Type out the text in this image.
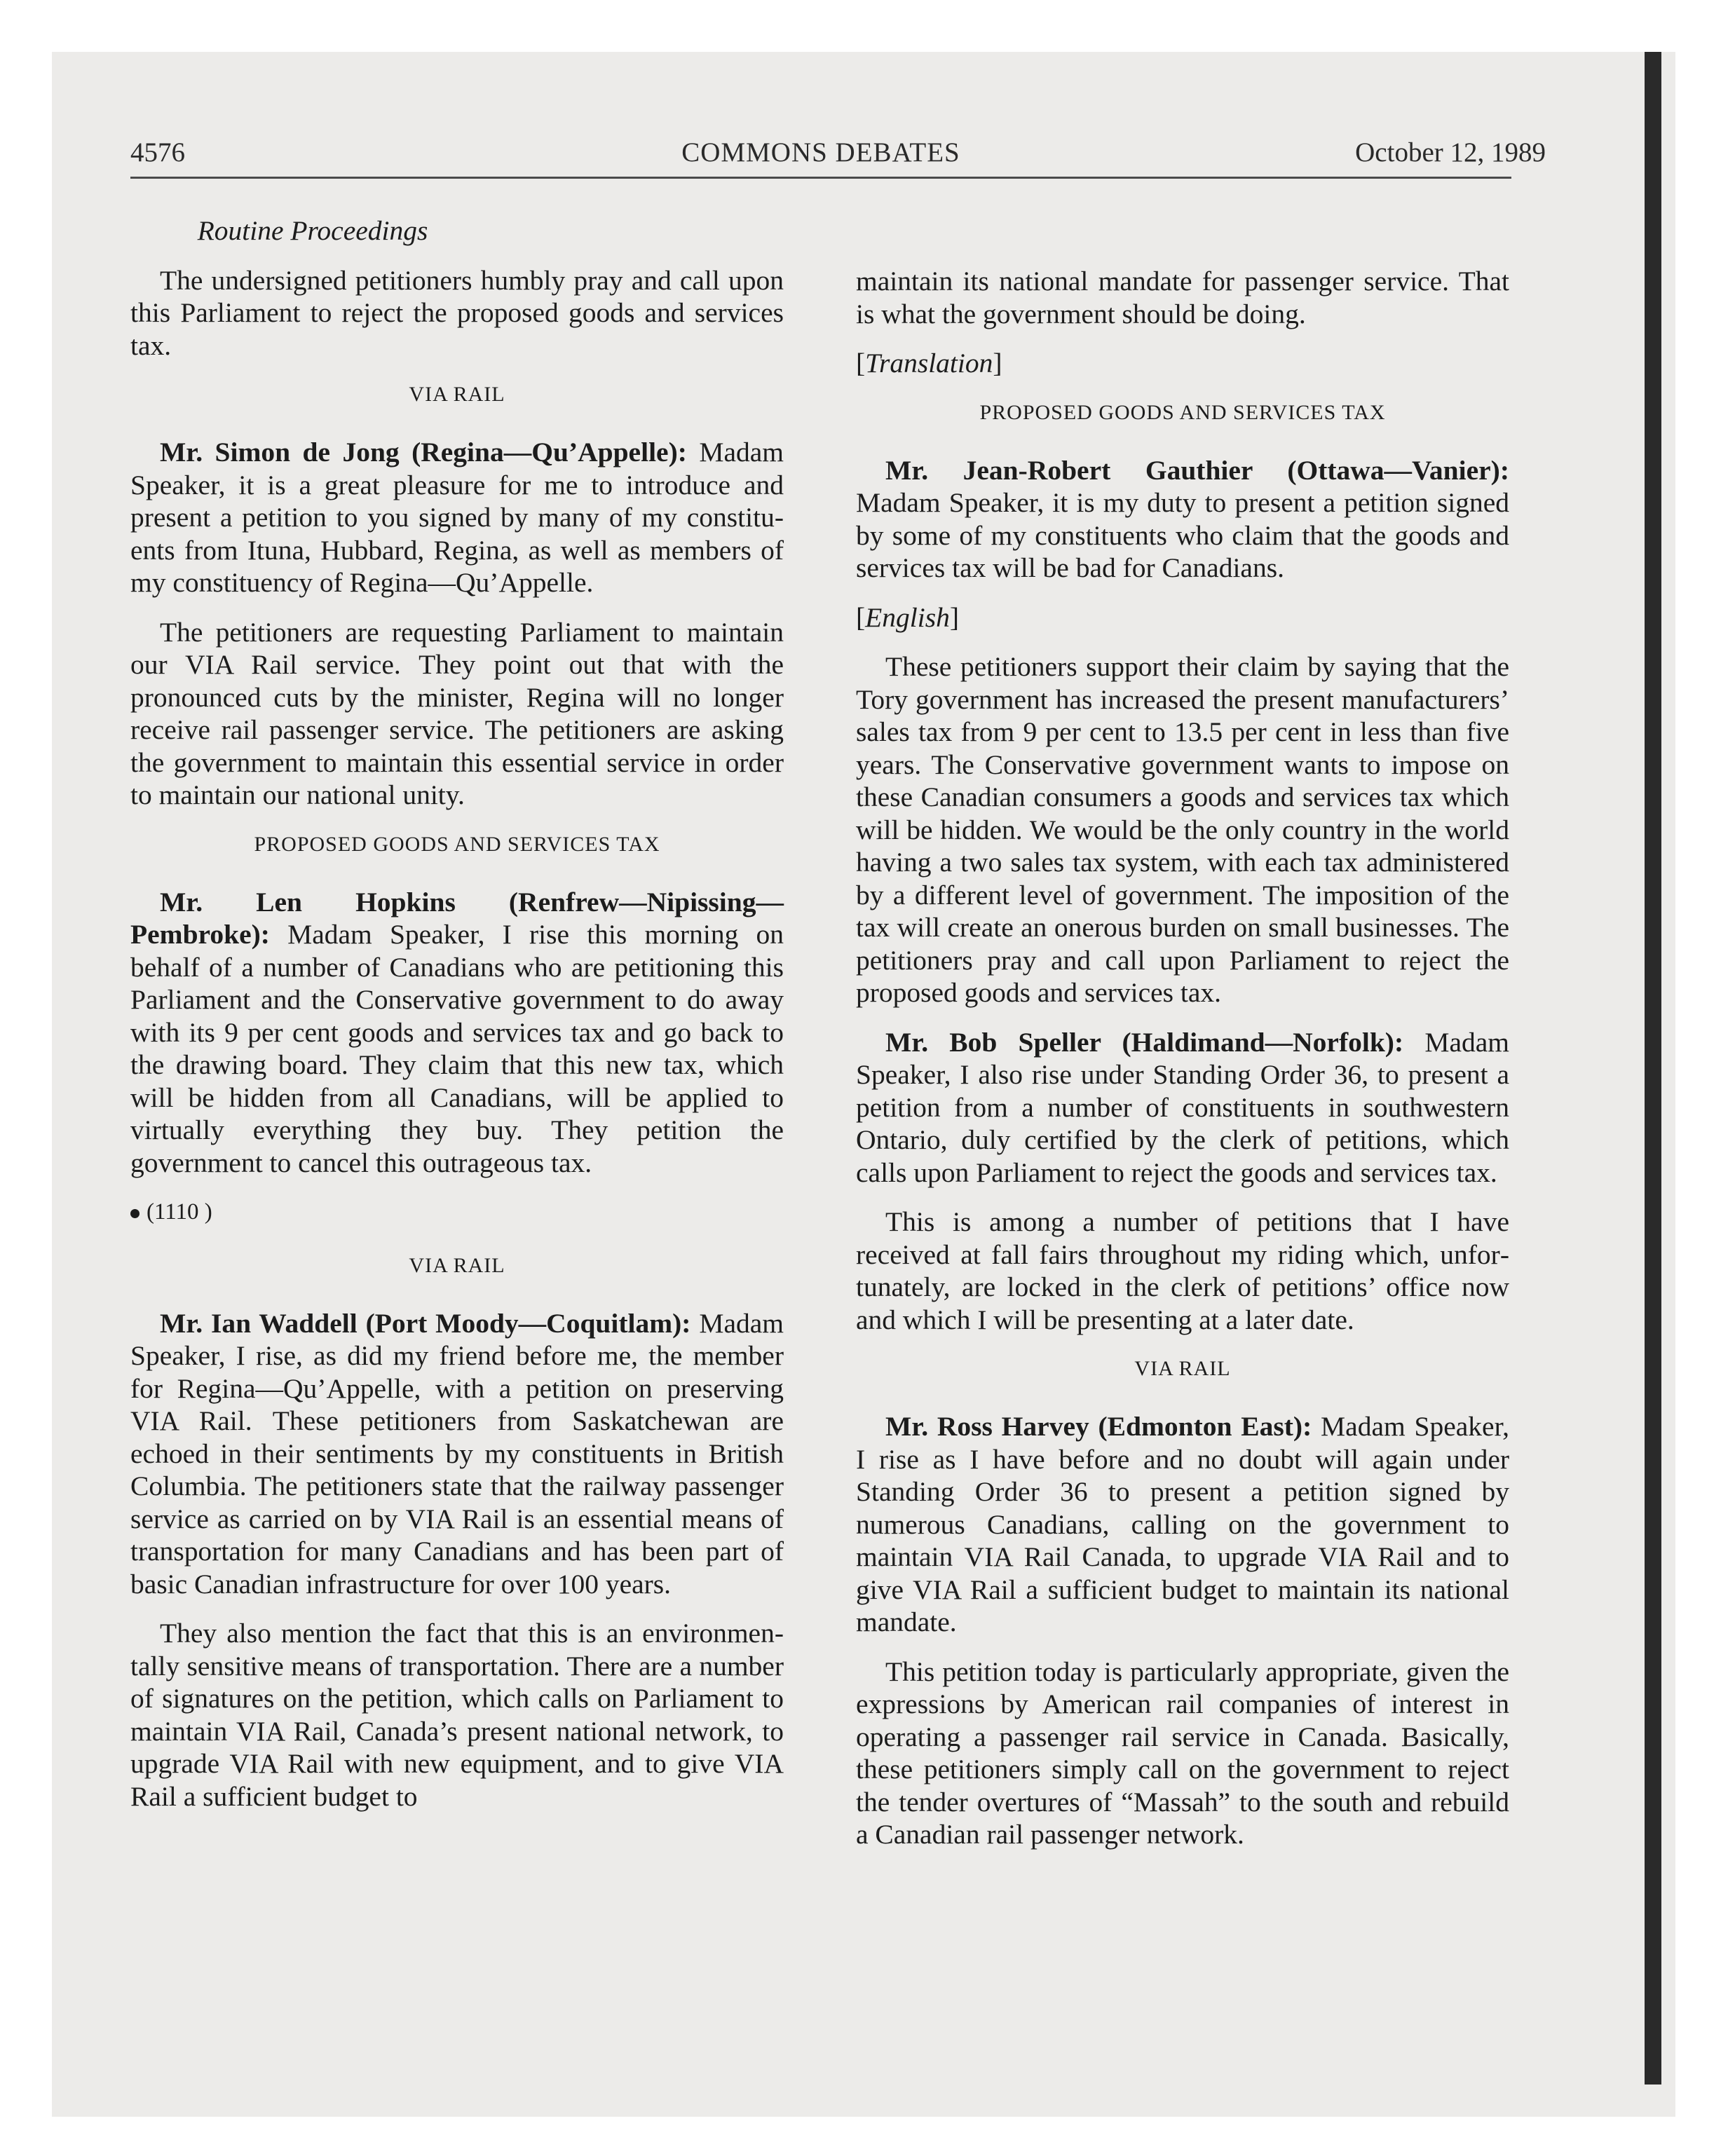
4576	COMMONS DEBATES	October 12, 1989
Routine Proceedings

The undersigned petitioners humbly pray and call upon this Parliament to reject the proposed goods and services tax.

VIA RAIL

Mr. Simon de Jong (Regina—Qu’Appelle): Madam Speaker, it is a great pleasure for me to introduce and present a petition to you signed by many of my constituents from Ituna, Hubbard, Regina, as well as members of my constituency of Regina—Qu’Appelle.

The petitioners are requesting Parliament to maintain our VIA Rail service. They point out that with the pronounced cuts by the minister, Regina will no longer receive rail passenger service. The petitioners are asking the government to maintain this essential service in order to maintain our national unity.

PROPOSED GOODS AND SERVICES TAX

Mr. Len Hopkins (Renfrew—Nipissing—Pembroke): Madam Speaker, I rise this morning on behalf of a number of Canadians who are petitioning this Parliament and the Conservative government to do away with its 9 per cent goods and services tax and go back to the drawing board. They claim that this new tax, which will be hidden from all Canadians, will be applied to virtually everything they buy. They petition the government to cancel this outrageous tax.

(1110 )
VIA RAIL

Mr. Ian Waddell (Port Moody—Coquitlam): Madam Speaker, I rise, as did my friend before me, the member for Regina—Qu’Appelle, with a petition on preserving VIA Rail. These petitioners from Saskatchewan are echoed in their sentiments by my constituents in British Columbia. The petitioners state that the railway passenger service as carried on by VIA Rail is an essential means of transportation for many Canadians and has been part of basic Canadian infrastructure for over 100 years.

They also mention the fact that this is an environmentally sensitive means of transportation. There are a number of signatures on the petition, which calls on Parliament to maintain VIA Rail, Canada’s present national network, to upgrade VIA Rail with new equipment, and to give VIA Rail a sufficient budget to

maintain its national mandate for passenger service. That is what the government should be doing.

[Translation]
PROPOSED GOODS AND SERVICES TAX

Mr. Jean-Robert Gauthier (Ottawa—Vanier): Madam Speaker, it is my duty to present a petition signed by some of my constituents who claim that the goods and services tax will be bad for Canadians.

[English]

These petitioners support their claim by saying that the Tory government has increased the present manufacturers’ sales tax from 9 per cent to 13.5 per cent in less than five years. The Conservative government wants to impose on these Canadian consumers a goods and services tax which will be hidden. We would be the only country in the world having a two sales tax system, with each tax administered by a different level of government. The imposition of the tax will create an onerous burden on small businesses. The petitioners pray and call upon Parliament to reject the proposed goods and services tax.

Mr. Bob Speller (Haldimand—Norfolk): Madam Speaker, I also rise under Standing Order 36, to present a petition from a number of constituents in southwestern Ontario, duly certified by the clerk of petitions, which calls upon Parliament to reject the goods and services tax.

This is among a number of petitions that I have received at fall fairs throughout my riding which, unfortunately, are locked in the clerk of petitions’ office now and which I will be presenting at a later date.

VIA RAIL

Mr. Ross Harvey (Edmonton East): Madam Speaker, I rise as I have before and no doubt will again under Standing Order 36 to present a petition signed by numerous Canadians, calling on the government to maintain VIA Rail Canada, to upgrade VIA Rail and to give VIA Rail a sufficient budget to maintain its national mandate.

This petition today is particularly appropriate, given the expressions by American rail companies of interest in operating a passenger rail service in Canada. Basically, these petitioners simply call on the government to reject the tender overtures of “Massah” to the south and rebuild a Canadian rail passenger network.
